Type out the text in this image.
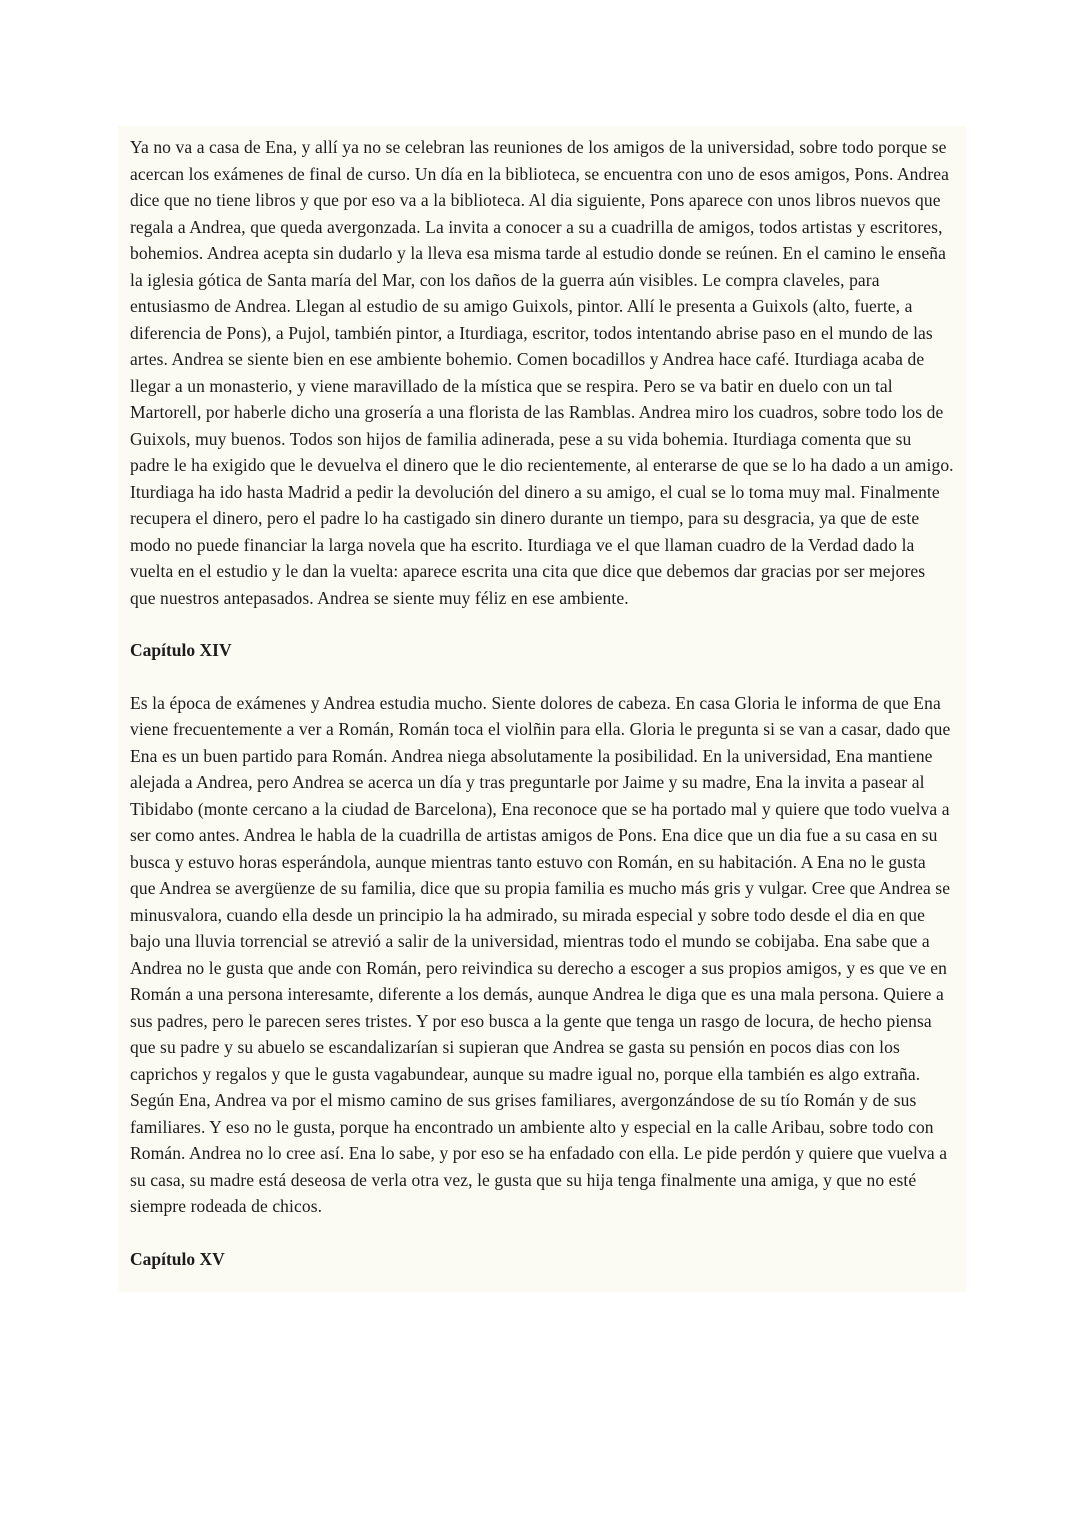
Ya no va a casa de Ena, y allí ya no se celebran las reuniones de los amigos de la universidad, sobre todo porque se acercan los exámenes de final de curso. Un día en la biblioteca, se encuentra con uno de esos amigos, Pons. Andrea dice que no tiene libros y que por eso va a la biblioteca. Al dia siguiente, Pons aparece con unos libros nuevos que regala a Andrea, que queda avergonzada. La invita a conocer a su a cuadrilla de amigos, todos artistas y escritores, bohemios. Andrea acepta sin dudarlo y la lleva esa misma tarde al estudio donde se reúnen. En el camino le enseña la iglesia gótica de Santa maría del Mar, con los daños de la guerra aún visibles. Le compra claveles, para entusiasmo de Andrea. Llegan al estudio de su amigo Guixols, pintor. Allí le presenta a Guixols (alto, fuerte, a diferencia de Pons), a Pujol, también pintor, a Iturdiaga, escritor, todos intentando abrise paso en el mundo de las artes. Andrea se siente bien en ese ambiente bohemio. Comen bocadillos y Andrea hace café. Iturdiaga acaba de llegar a un monasterio, y viene maravillado de la mística que se respira. Pero se va batir en duelo con un tal Martorell, por haberle dicho una grosería a una florista de las Ramblas. Andrea miro los cuadros, sobre todo los de Guixols, muy buenos. Todos son hijos de familia adinerada, pese a su vida bohemia. Iturdiaga comenta que su padre le ha exigido que le devuelva el dinero que le dio recientemente, al enterarse de que se lo ha dado a un amigo. Iturdiaga ha ido hasta Madrid a pedir la devolución del dinero a su amigo, el cual se lo toma muy mal. Finalmente recupera el dinero, pero el padre lo ha castigado sin dinero durante un tiempo, para su desgracia, ya que de este modo no puede financiar la larga novela que ha escrito. Iturdiaga ve el que llaman cuadro de la Verdad dado la vuelta en el estudio y le dan la vuelta: aparece escrita una cita que dice que debemos dar gracias por ser mejores que nuestros antepasados. Andrea se siente muy féliz en ese ambiente.

Capítulo XIV

Es la época de exámenes y Andrea estudia mucho. Siente dolores de cabeza. En casa Gloria le informa de que Ena viene frecuentemente a ver a Román, Román toca el violñin para ella. Gloria le pregunta si se van a casar, dado que Ena es un buen partido para Román. Andrea niega absolutamente la posibilidad. En la universidad, Ena mantiene alejada a Andrea, pero Andrea se acerca un día y tras preguntarle por Jaime y su madre, Ena la invita a pasear al Tibidabo (monte cercano a la ciudad de Barcelona), Ena reconoce que se ha portado mal y quiere que todo vuelva a ser como antes. Andrea le habla de la cuadrilla de artistas amigos de Pons. Ena dice que un dia fue a su casa en su busca y estuvo horas esperándola, aunque mientras tanto estuvo con Román, en su habitación. A Ena no le gusta que Andrea se avergüenze de su familia, dice que su propia familia es mucho más gris y vulgar. Cree que Andrea se minusvalora, cuando ella desde un principio la ha admirado, su mirada especial y sobre todo desde el dia en que bajo una lluvia torrencial se atrevió a salir de la universidad, mientras todo el mundo se cobijaba. Ena sabe que a Andrea no le gusta que ande con Román, pero reivindica su derecho a escoger a sus propios amigos, y es que ve en Román a una persona interesamte, diferente a los demás, aunque Andrea le diga que es una mala persona. Quiere a sus padres, pero le parecen seres tristes. Y por eso busca a la gente que tenga un rasgo de locura, de hecho piensa que su padre y su abuelo se escandalizarían si supieran que Andrea se gasta su pensión en pocos dias con los caprichos y regalos y que le gusta vagabundear, aunque su madre igual no, porque ella también es algo extraña. Según Ena, Andrea va por el mismo camino de sus grises familiares, avergonzándose de su tío Román y de sus familiares. Y eso no le gusta, porque ha encontrado un ambiente alto y especial en la calle Aribau, sobre todo con Román. Andrea no lo cree así. Ena lo sabe, y por eso se ha enfadado con ella. Le pide perdón y quiere que vuelva a su casa, su madre está deseosa de verla otra vez, le gusta que su hija tenga finalmente una amiga, y que no esté siempre rodeada de chicos.

Capítulo XV
